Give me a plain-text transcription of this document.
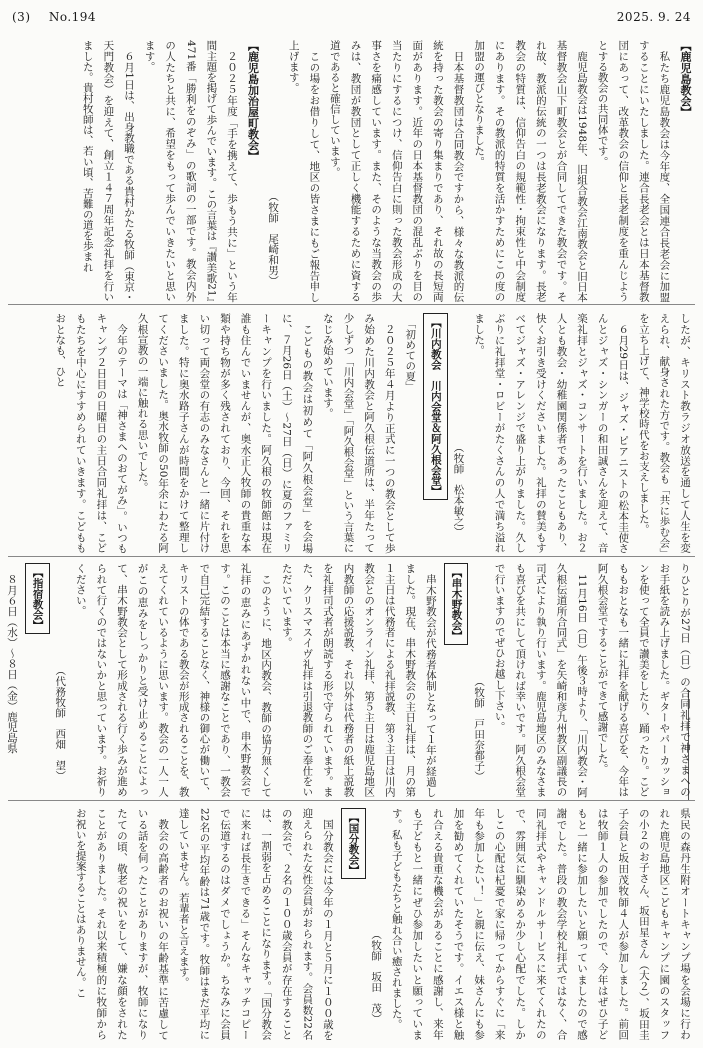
(3) No.194	2025. 9. 24
【鹿児島教会】
私たち鹿児島教会は今年度、全国連合長老会に加盟することにいたしました。連合長老会とは日本基督教団にあって、改革教会の信仰と長老制度を重んじようとする教会の共同体です。
鹿児島教会は1948年、旧組合教会江南教会と旧日本基督教会山下町教会とが合同してできた教会です。それ故、教派的伝統の一つは長老教会になります。長老教会の特質は、信仰告白の規範性・拘束性と中会制度にあります。その教派的特質を活かすためにこの度の加盟の運びとなりました。
日本基督教団は合同教会ですから、様々な教派的伝統を持った教会の寄り集まりであり、それ故の長短両面があります。近年の日本基督教団の混乱ぶりを目の当たりにするにつけ、信仰告白に則った教会形成の大事さを痛感しています。また、そのような当教会の歩みは、教団が教団として正しく機能するために資する道であると確信しています。
この場をお借りして、地区の皆さまにもご報告申し上げます。
（牧師　尾崎和男）
【鹿児島加治屋町教会】
２０２５年度「手を携えて、歩もう共に」という年間主題を掲げて歩んでいます。この言葉は『讃美歌21』471番「勝利をのぞみ」の歌詞の一部です。教会内外の人たちと共に、希望をもって歩んでいきたいと思います。
６月1日は、出身教職である貴村かたる牧師（東京・天門教会）を迎えて、創立１４７周年記念礼拝を行いました。貴村牧師は、若い頃、苦難の道を歩まれ
したが、キリスト教ラジオ放送を通して人生を変えられ、献身された方です。教会も「共に歩む会」を立ち上げて、神学校時代をお支えしました。
６月29日は、ジャズ・ピアニストの松本圭使さんとジャズ・シンガーの和田誠さんを迎えて、音楽礼拝とジャズ・コンサートを行いました。お２人とも教会・幼稚園関係者であったこともあり、快くお引き受けくださいました。礼拝の賛美もすべてジャズ・アレンジで盛り上がりました。久しぶりに礼拝堂・ロビーがたくさんの人で満ち溢れました。
（牧師　松本敏之）
【川内教会　川内会堂＆阿久根会堂】
「初めての夏」
２０２５年４月より正式に一つの教会として歩み始めた川内教会と阿久根伝道所は、半年たって少しずつ「川内会堂」「阿久根会堂」という言葉になじみ始めています。
こどもの教会は初めて「阿久根会堂」を会場に、７月26日（土）～27日（日）に夏のファミリーキャンプを行いました。阿久根の牧師館は現在誰も住んでいませんが、奥水正人牧師の貴重な本類や持ち物が多く残されており、今回、それを思い切って両会堂の有志のみなさんと一緒に片付けました。特に奥水路子さんが時間をかけて整理してくださいました。奥水牧師の50年余にわたる阿久根宣教の一端に触れる思いでした。
今年のテーマは「神さまへのおてがみ」。いつもキャンプ２日目の日曜日の主日合同礼拝は、こどもたちを中心にすすめられていきます。こどももおとなも、ひと
りひとりが27日（日）の合同礼拝で神さまへのお手紙を読み上げました。ギターやパーカッションを使って全員で讃美をしたり、踊ったり。こどももおとなも一緒に礼拝を献げる喜びを、今年は阿久根会堂ですることができて感謝でした。
11月16日（日）午後３時より、「川内教会・阿久根伝道所合同式」を矢崎和彦九州教区副議長の司式により執り行います。鹿児島地区のみなさまも喜びを共にして頂ければ幸いです。阿久根会堂で行いますのでぜひお越し下さい。
（牧師　戸田奈都子）
【串木野教会】
串木野教会が代務者体制となって１年が経過しました。現在、串木野教会の主日礼拝は、月の第１主日は代務者による礼拝説教、第３主日は川内教会とのオンライン礼拝、第５主日は鹿児島地区内教師の応援説教、それ以外は代務者の紙上説教を礼拝司式者が朗読する形で守られています。また、クリスマスイヴ礼拝は引退教師のご奉仕をいただいています。
このように、地区内教会、教師の協力無くして礼拝の恵みにあずかれない中で、串木野教会です。このことは本当に感謝なことであり、一教会で自己完結することなく、神様の御心が働いて、キリストの体である教会が形成されることを、教えてくれているように思います。教会の一人一人がこの恵みをしっかりと受け止めることによって、串木野教会として形成される行く歩みが進められて行くのではないかと思っています。お祈りください。
（代務牧師　西畑　望）
【指宿教会】
８月６日（水）～８日（金）鹿児島県
県民の森丹生附オートキャンプ場を会場に行われた鹿児島地区こどもキャンプに園のスタッフの小２のお子さん、坂田星さん（大２）、坂田圭子会員と坂田茂牧師４人が参加しました。前回は牧師１人の参加でしたので、今年はぜひ子どもと一緒に参加したいと願っていましたので感謝でした。普段の教会学校礼拝式ではなく、合同礼拝式やキャンドルサービスに来てくれたので、雰囲気に馴染めるか少し心配でした。しかしこの心配は杞憂で家に帰ってからすぐに「来年も参加したい！」と親に伝え、妹さんにも参加を勧めてくれていたそうです。イエス様と触れ合える貴重な機会があることに感謝し、来年も子どもと一緒にぜひ参加したいと願っています。私も子どもたちと触れ合い癒されました。
（牧師　坂田　茂）
【国分教会】
国分教会には今年の１月と５月に１００歳を迎えられた女性会員がおられます。会員数22名の教会で、２名の１００歳会員が存在することは、一割弱を占めることになります。「国分教会に来れば長生きできる」そんなキャッチコピーで伝道するのはダメでしょうか。ちなみに会員22名の平均年齢は71歳です。牧師はまだ平均に達していません。若輩者と言えます。
教会の高齢者のお祝いの年齢基準に苦慮している話を伺ったことがありますが、牧師になりたての頃、敬老の祝いをして、嫌な顔をされたことがありました。それ以来積極的に牧師からお祝いを提案することはありません。こ
